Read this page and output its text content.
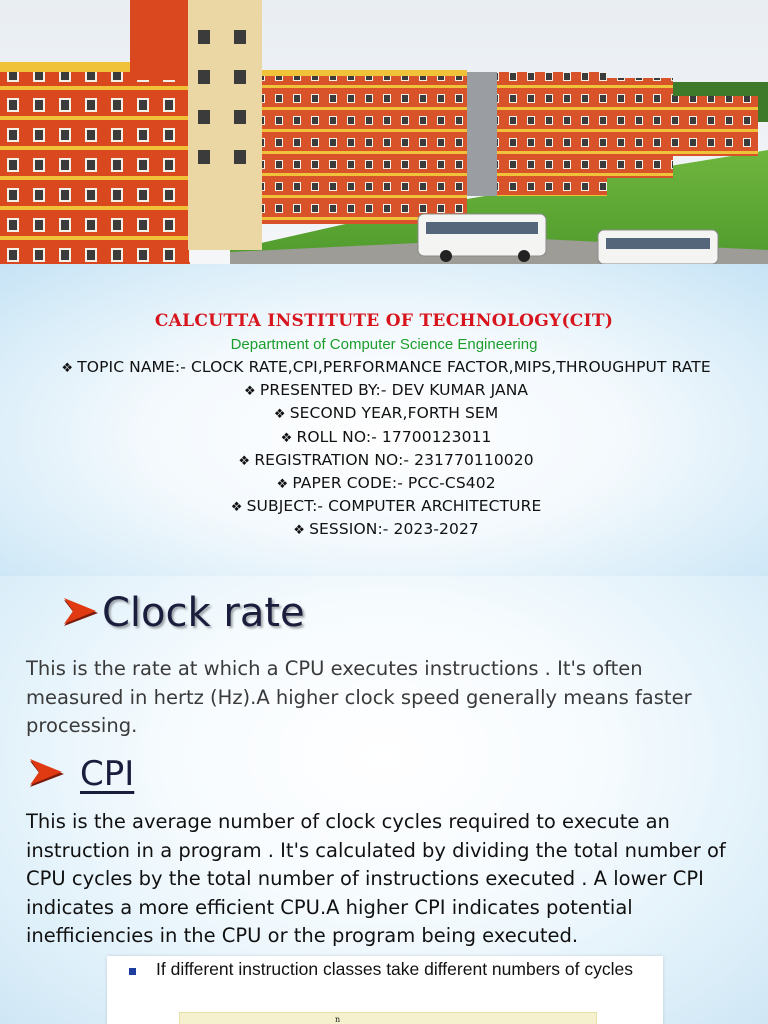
CALCUTTA INSTITUTE OF TECHNOLOGY(CIT)
Department of Computer Science Engineering
❖ TOPIC NAME:- CLOCK RATE,CPI,PERFORMANCE FACTOR,MIPS,THROUGHPUT RATE
❖ PRESENTED BY:- DEV KUMAR JANA
❖ SECOND YEAR,FORTH SEM
❖ ROLL NO:- 17700123011
❖ REGISTRATION NO:- 231770110020
❖ PAPER CODE:- PCC-CS402
❖ SUBJECT:- COMPUTER ARCHITECTURE
❖ SESSION:- 2023-2027
Clock rate
This is the rate at which a CPU executes instructions . It's often measured in hertz (Hz).A higher clock speed generally means faster processing.
CPI
This is the average number of clock cycles required to execute an instruction in a program . It's calculated by dividing the total number of CPU cycles by the total number of instructions executed . A lower CPI indicates a more efficient CPU.A higher CPI indicates potential inefficiencies in the CPU or the program being executed.
If different instruction classes take different numbers of cycles
n
